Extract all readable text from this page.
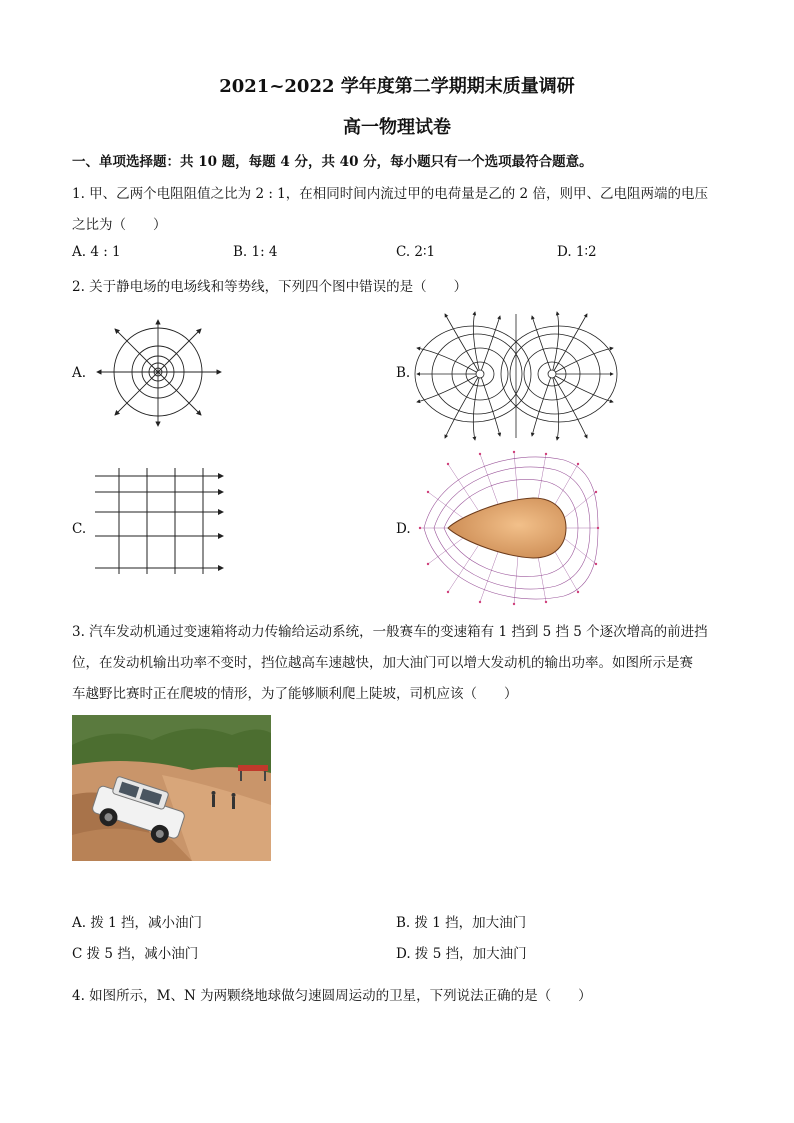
2021~2022 学年度第二学期期末质量调研
高一物理试卷
一、单项选择题：共 10 题，每题 4 分，共 40 分，每小题只有一个选项最符合题意。
1. 甲、乙两个电阻阻值之比为 2 : 1，在相同时间内流过甲的电荷量是乙的 2 倍，则甲、乙电阻两端的电压
之比为（　　）
A. 4 : 1	B. 1: 4	C. 2∶1	D. 1∶2
2. 关于静电场的电场线和等势线，下列四个图中错误的是（　　）
A.	B.
C.	D.
3. 汽车发动机通过变速箱将动力传输给运动系统，一般赛车的变速箱有 1 挡到 5 挡 5 个逐次增高的前进挡
位，在发动机输出功率不变时，挡位越高车速越快，加大油门可以增大发动机的输出功率。如图所示是赛
车越野比赛时正在爬坡的情形，为了能够顺利爬上陡坡，司机应该（　　）
A. 拨 1 挡，减小油门	B. 拨 1 挡，加大油门
C 拨 5 挡，减小油门	D. 拨 5 挡，加大油门
4. 如图所示，M、N 为两颗绕地球做匀速圆周运动的卫星，下列说法正确的是（　　）
